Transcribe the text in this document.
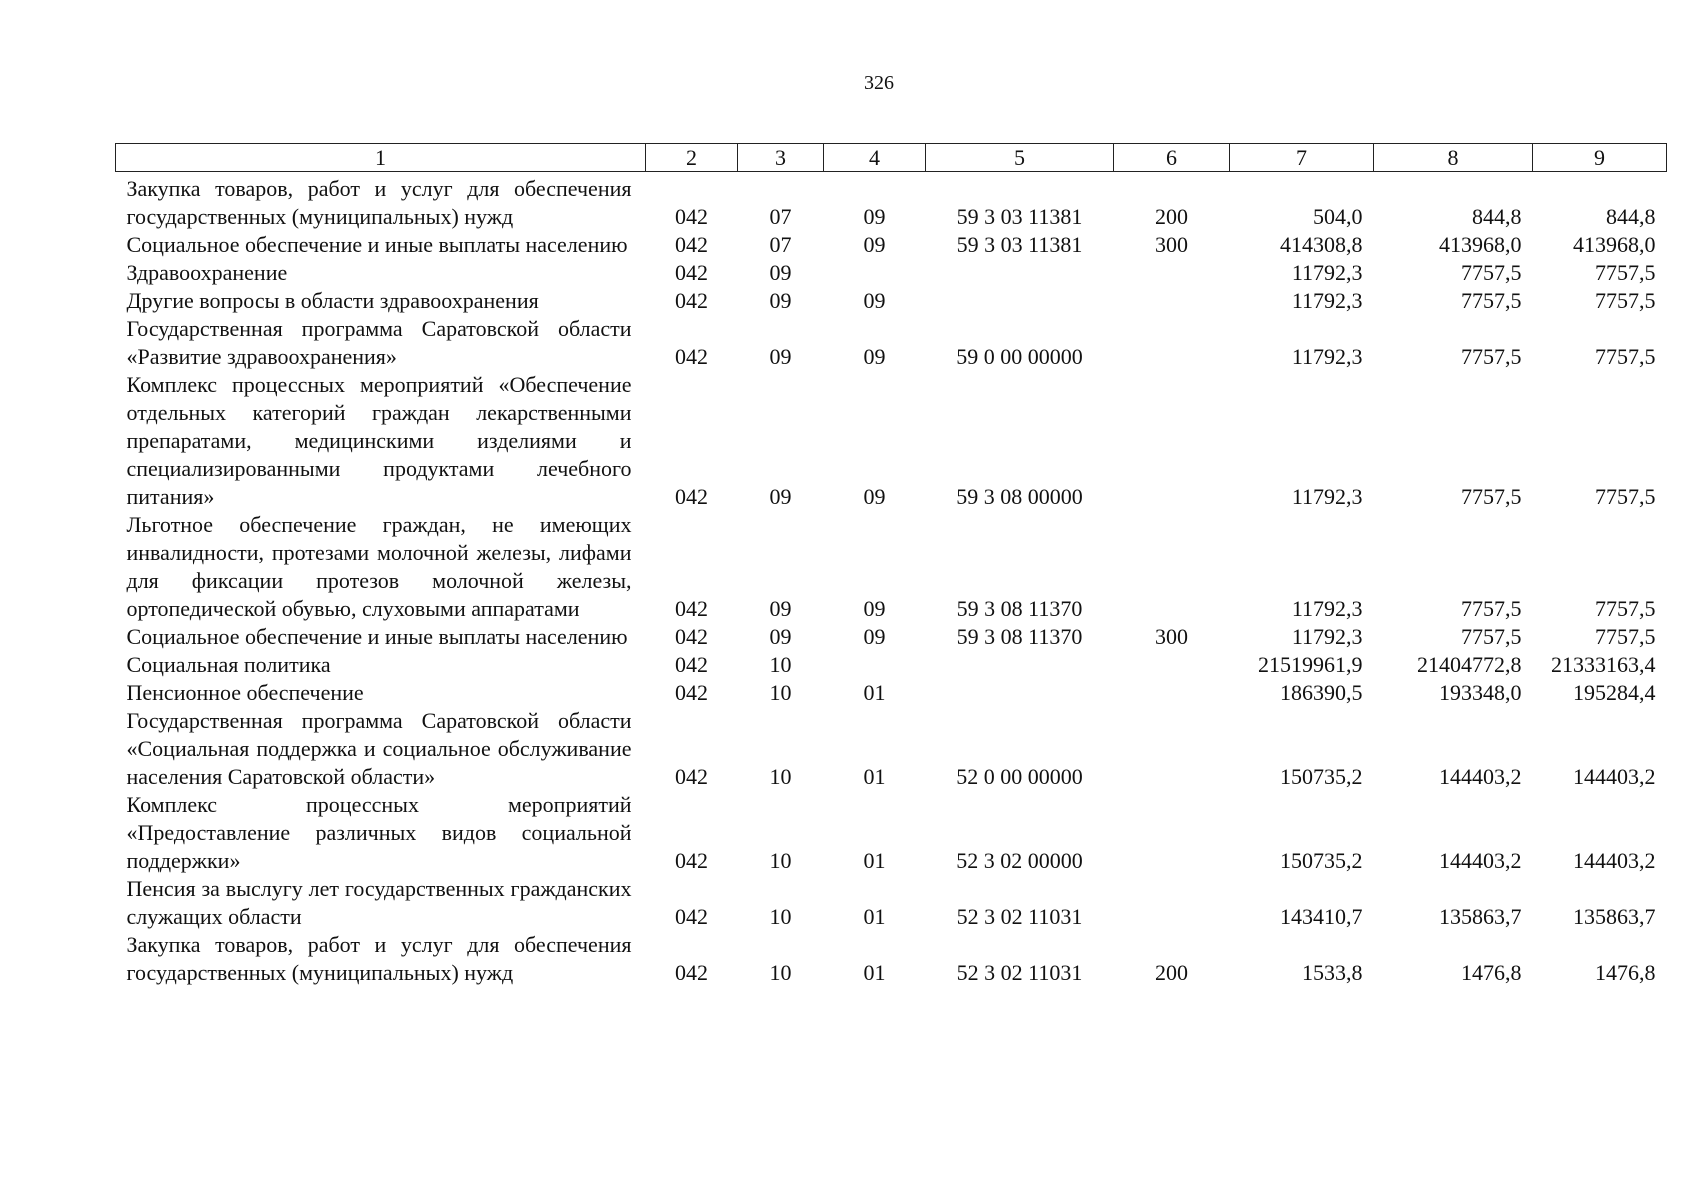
326
1	2	3	4	5	6	7	8	9
Закупка товаров, работ и услуг для обеспечения государственных (муниципальных) нужд	042	07	09	59 3 03 11381	200	504,0	844,8	844,8
Социальное обеспечение и иные выплаты населению	042	07	09	59 3 03 11381	300	414308,8	413968,0	413968,0
Здравоохранение	042	09				11792,3	7757,5	7757,5
Другие вопросы в области здравоохранения	042	09	09			11792,3	7757,5	7757,5
Государственная программа Саратовской области «Развитие здравоохранения»	042	09	09	59 0 00 00000		11792,3	7757,5	7757,5
Комплекс процессных мероприятий «Обеспечение отдельных категорий граждан лекарственными препаратами, медицинскими изделиями и специализированными продуктами лечебного питания»	042	09	09	59 3 08 00000		11792,3	7757,5	7757,5
Льготное обеспечение граждан, не имеющих инвалидности, протезами молочной железы, лифами для фиксации протезов молочной железы, ортопедической обувью, слуховыми аппаратами	042	09	09	59 3 08 11370		11792,3	7757,5	7757,5
Социальное обеспечение и иные выплаты населению	042	09	09	59 3 08 11370	300	11792,3	7757,5	7757,5
Социальная политика	042	10				21519961,9	21404772,8	21333163,4
Пенсионное обеспечение	042	10	01			186390,5	193348,0	195284,4
Государственная программа Саратовской области «Социальная поддержка и социальное обслуживание населения Саратовской области»	042	10	01	52 0 00 00000		150735,2	144403,2	144403,2
Комплекс процессных мероприятий «Предоставление различных видов социальной поддержки»	042	10	01	52 3 02 00000		150735,2	144403,2	144403,2
Пенсия за выслугу лет государственных гражданских служащих области	042	10	01	52 3 02 11031		143410,7	135863,7	135863,7
Закупка товаров, работ и услуг для обеспечения государственных (муниципальных) нужд	042	10	01	52 3 02 11031	200	1533,8	1476,8	1476,8
